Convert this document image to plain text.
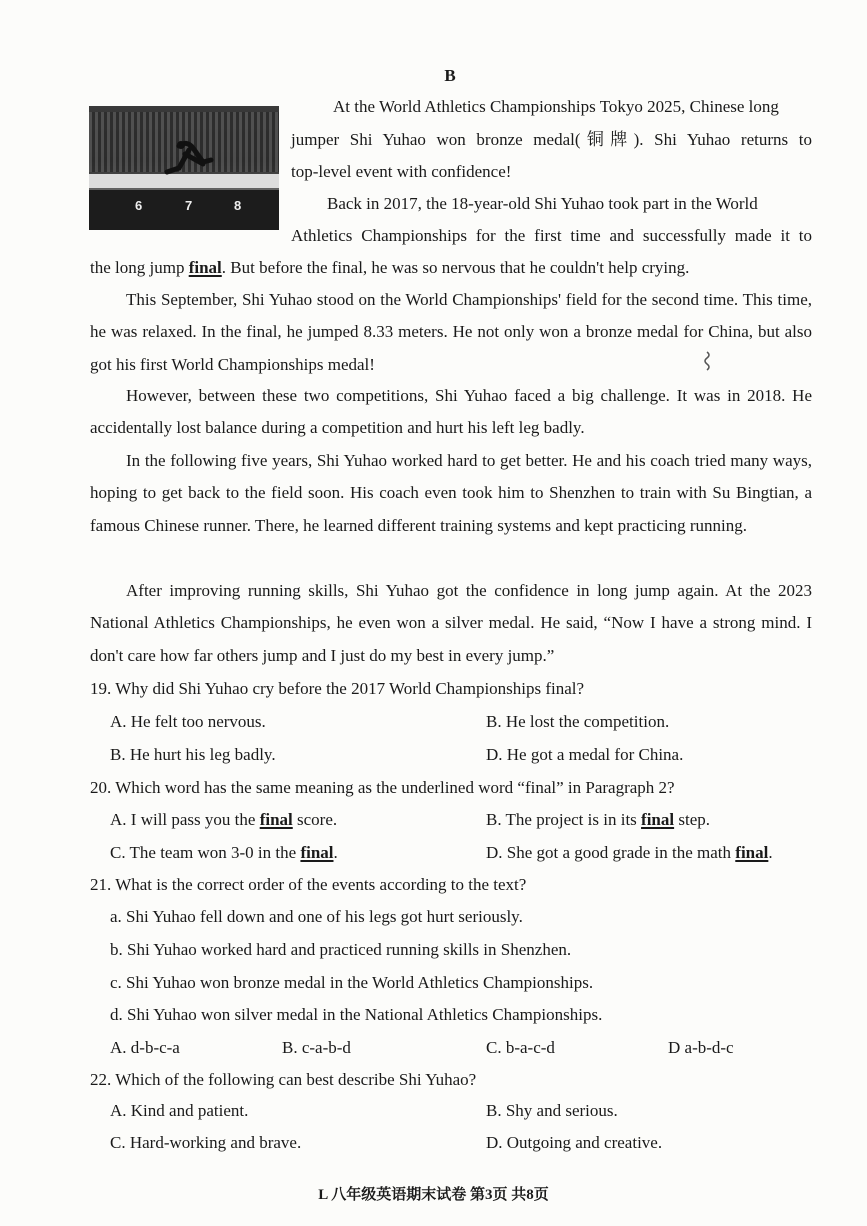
B
6	7	8
At the World Athletics Championships Tokyo 2025, Chinese long
jumper Shi Yuhao won bronze medal(铜牌). Shi Yuhao returns to
top-level event with confidence!
Back in 2017, the 18-year-old Shi Yuhao took part in the World
Athletics Championships for the first time and successfully made it to
the long jump final. But before the final, he was so nervous that he couldn't help crying.
This September, Shi Yuhao stood on the World Championships' field for the second time. This time, he was relaxed. In the final, he jumped 8.33 meters. He not only won a bronze medal for China, but also got his first World Championships medal!
However, between these two competitions, Shi Yuhao faced a big challenge. It was in 2018. He accidentally lost balance during a competition and hurt his left leg badly.
In the following five years, Shi Yuhao worked hard to get better. He and his coach tried many ways, hoping to get back to the field soon. His coach even took him to Shenzhen to train with Su Bingtian, a famous Chinese runner. There, he learned different training systems and kept practicing running.
After improving running skills, Shi Yuhao got the confidence in long jump again. At the 2023 National Athletics Championships, he even won a silver medal. He said, “Now I have a strong mind. I don't care how far others jump and I just do my best in every jump.”
19. Why did Shi Yuhao cry before the 2017 World Championships final?
A. He felt too nervous.	B. He lost the competition.
B. He hurt his leg badly.	D. He got a medal for China.
20. Which word has the same meaning as the underlined word “final” in Paragraph 2?
A. I will pass you the final score.	B. The project is in its final step.
C. The team won 3-0 in the final.	D. She got a good grade in the math final.
21. What is the correct order of the events according to the text?
a. Shi Yuhao fell down and one of his legs got hurt seriously.
b. Shi Yuhao worked hard and practiced running skills in Shenzhen.
c. Shi Yuhao won bronze medal in the World Athletics Championships.
d. Shi Yuhao won silver medal in the National Athletics Championships.
A. d-b-c-a	B. c-a-b-d	C. b-a-c-d	D a-b-d-c
22. Which of the following can best describe Shi Yuhao?
A. Kind and patient.	B. Shy and serious.
C. Hard-working and brave.	D. Outgoing and creative.
L 八年级英语期末试卷 第3页 共8页
